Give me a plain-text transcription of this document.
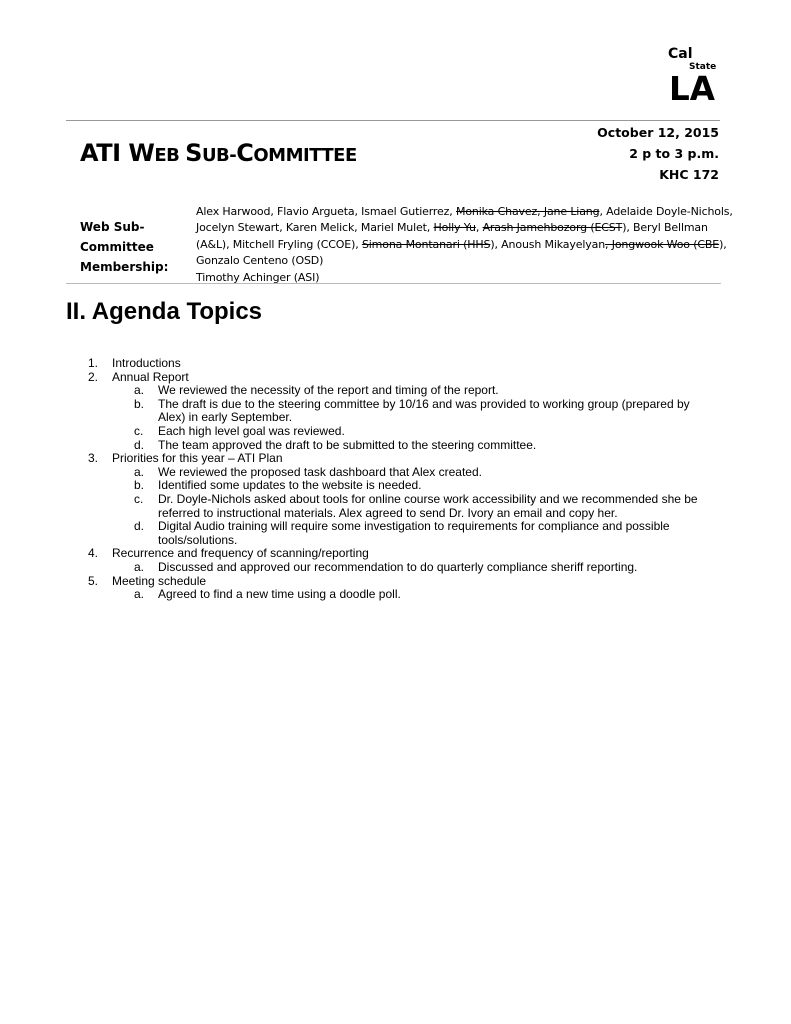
Cal
State
LA
ATI WEB SUB-COMMITTEE
October 12, 2015
2 p to 3 p.m.
KHC 172
Web Sub-
Committee
Membership:
Alex Harwood, Flavio Argueta, Ismael Gutierrez, Monika Chavez, Jane Liang, Adelaide Doyle-Nichols,
Jocelyn Stewart, Karen Melick, Mariel Mulet, Holly Yu, Arash Jamehbozorg (ECST), Beryl Bellman
(A&L), Mitchell Fryling (CCOE), Simona Montanari (HHS), Anoush Mikayelyan, Jongwook Woo (CBE),
Gonzalo Centeno (OSD)
Timothy Achinger (ASI)
II. Agenda Topics
1. Introductions
2. Annual Report
a. We reviewed the necessity of the report and timing of the report.
b. The draft is due to the steering committee by 10/16 and was provided to working group (prepared by
Alex) in early September.
c. Each high level goal was reviewed.
d. The team approved the draft to be submitted to the steering committee.
3. Priorities for this year – ATI Plan
a. We reviewed the proposed task dashboard that Alex created.
b. Identified some updates to the website is needed.
c. Dr. Doyle-Nichols asked about tools for online course work accessibility and we recommended she be
referred to instructional materials. Alex agreed to send Dr. Ivory an email and copy her.
d. Digital Audio training will require some investigation to requirements for compliance and possible
tools/solutions.
4. Recurrence and frequency of scanning/reporting
a. Discussed and approved our recommendation to do quarterly compliance sheriff reporting.
5. Meeting schedule
a. Agreed to find a new time using a doodle poll.
